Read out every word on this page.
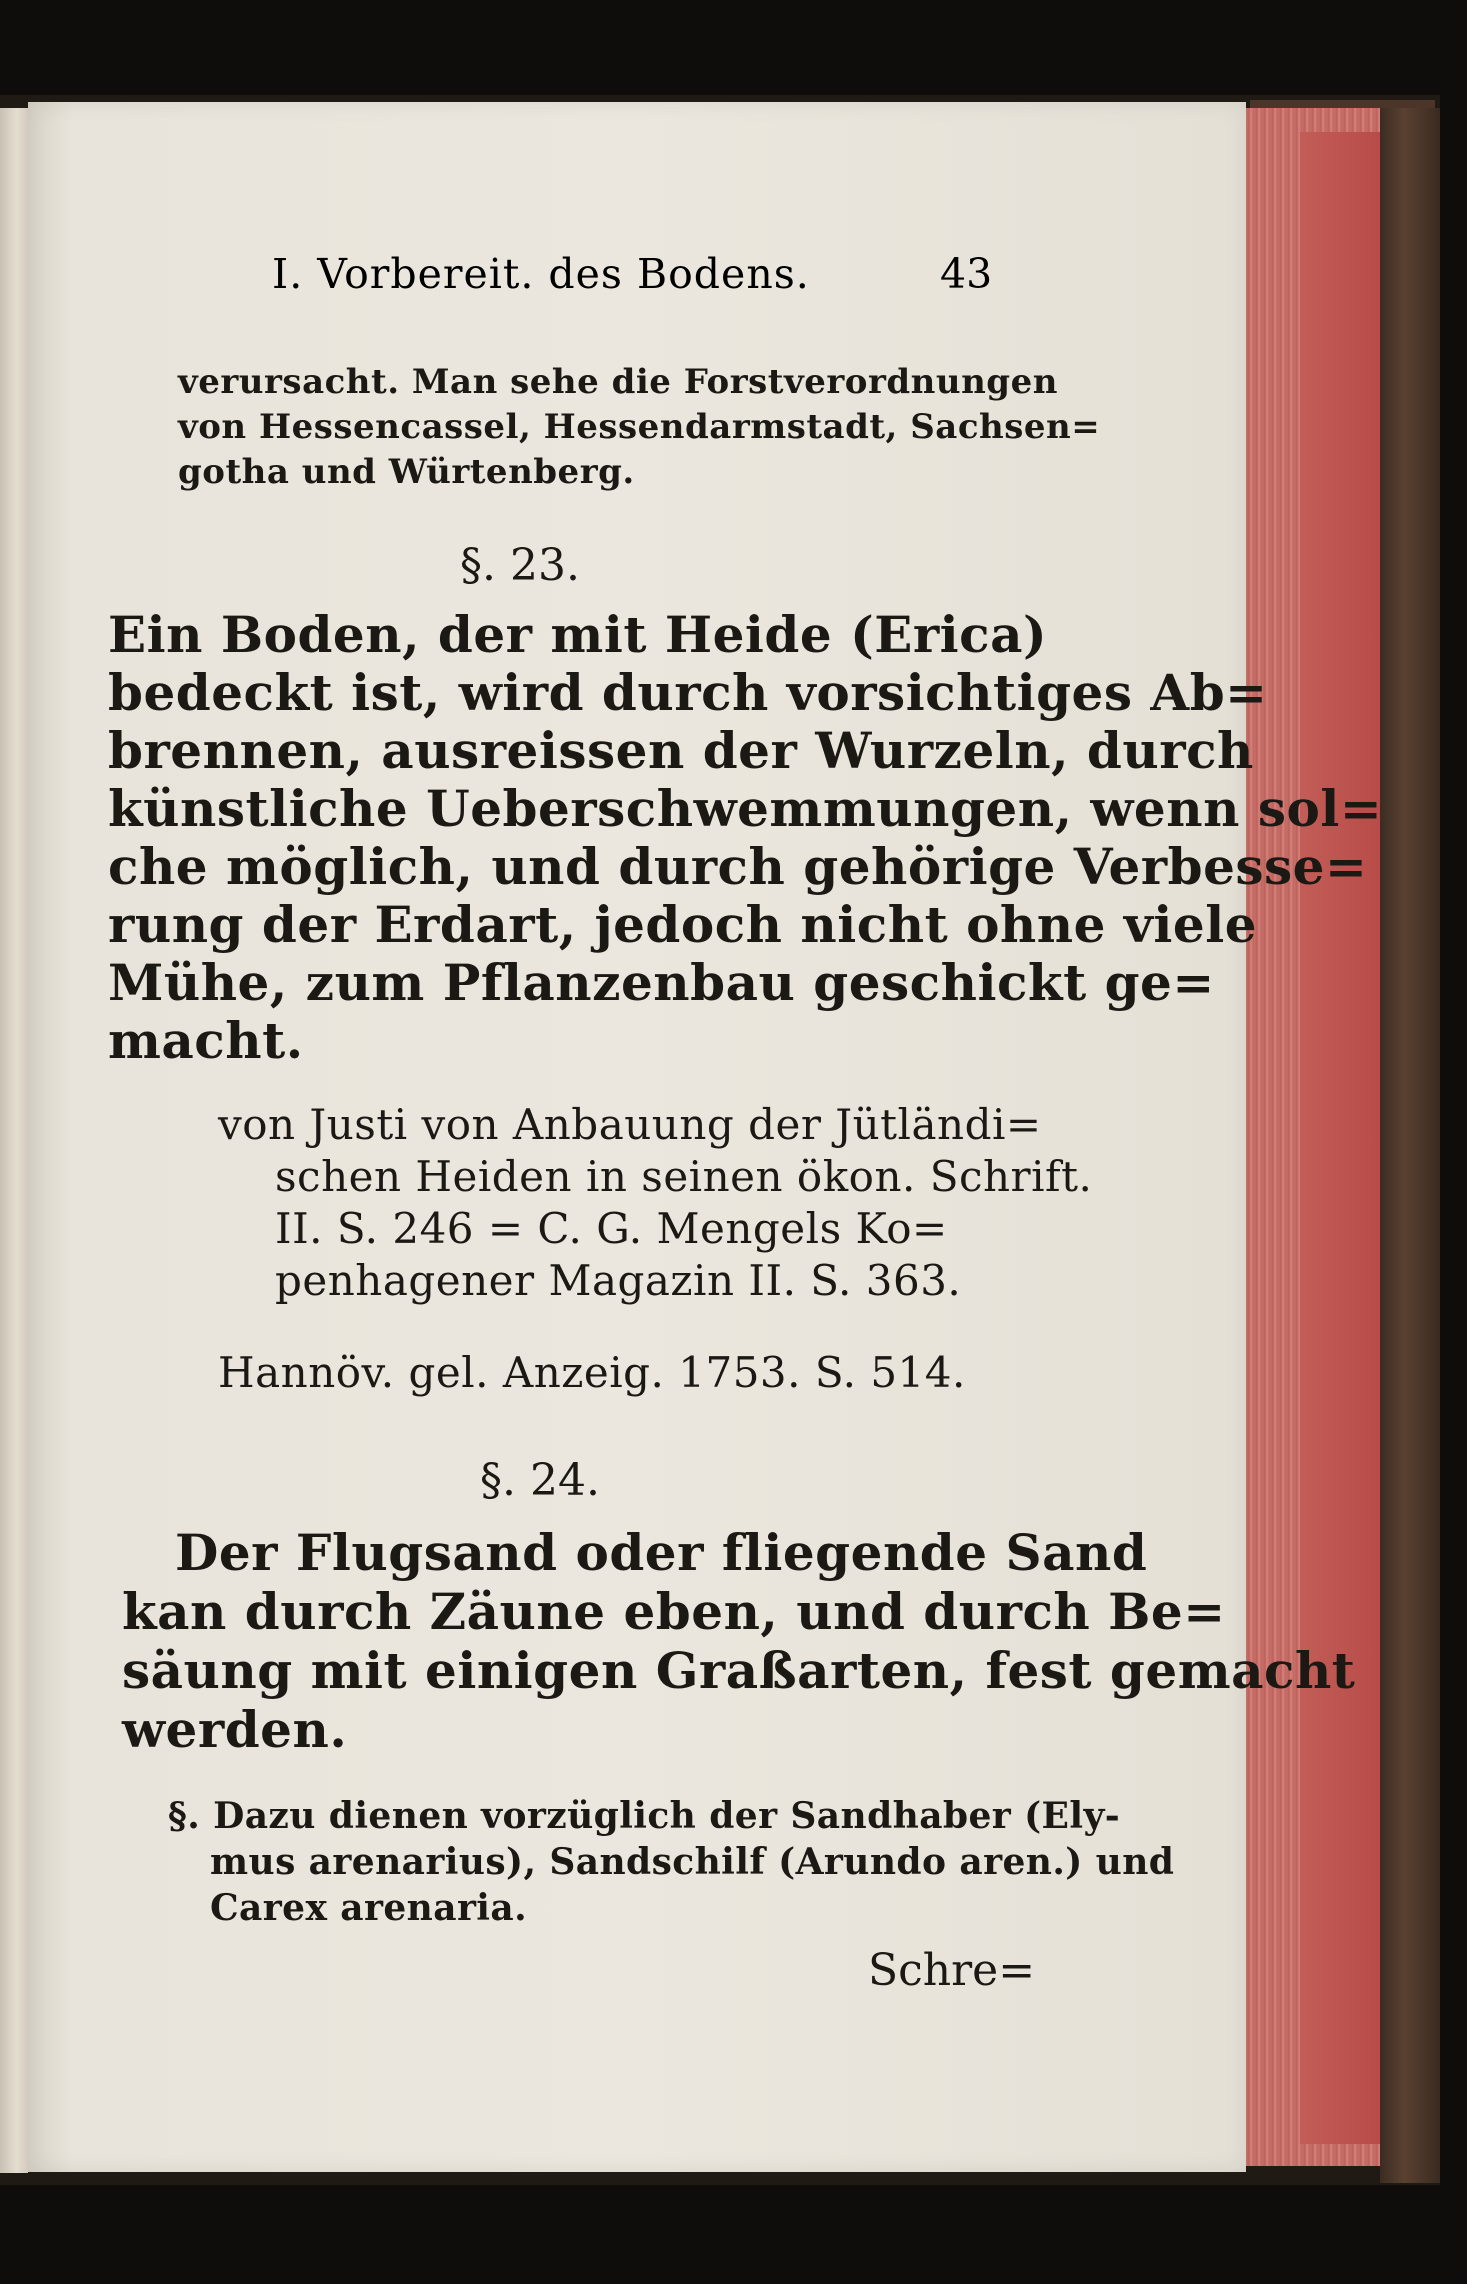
I. Vorbereit. des Bodens.	43
verursacht. Man sehe die Forstverordnungen
von Hessencassel, Hessendarmstadt, Sachsen=
gotha und Würtenberg.
§. 23.
Ein Boden, der mit Heide (Erica)
bedeckt ist, wird durch vorsichtiges Ab=
brennen, ausreissen der Wurzeln, durch
künstliche Ueberschwemmungen, wenn sol=
che möglich, und durch gehörige Verbesse=
rung der Erdart, jedoch nicht ohne viele
Mühe, zum Pflanzenbau geschickt ge=
macht.
von Justi von Anbauung der Jütländi=
schen Heiden in seinen ökon. Schrift.
II. S. 246 = C. G. Mengels Ko=
penhagener Magazin II. S. 363.
Hannöv. gel. Anzeig. 1753. S. 514.
§. 24.
Der Flugsand oder fliegende Sand
kan durch Zäune eben, und durch Be=
säung mit einigen Graßarten, fest gemacht
werden.
§. Dazu dienen vorzüglich der Sandhaber (Ely-
mus arenarius), Sandschilf (Arundo aren.) und
Carex arenaria.
Schre=
